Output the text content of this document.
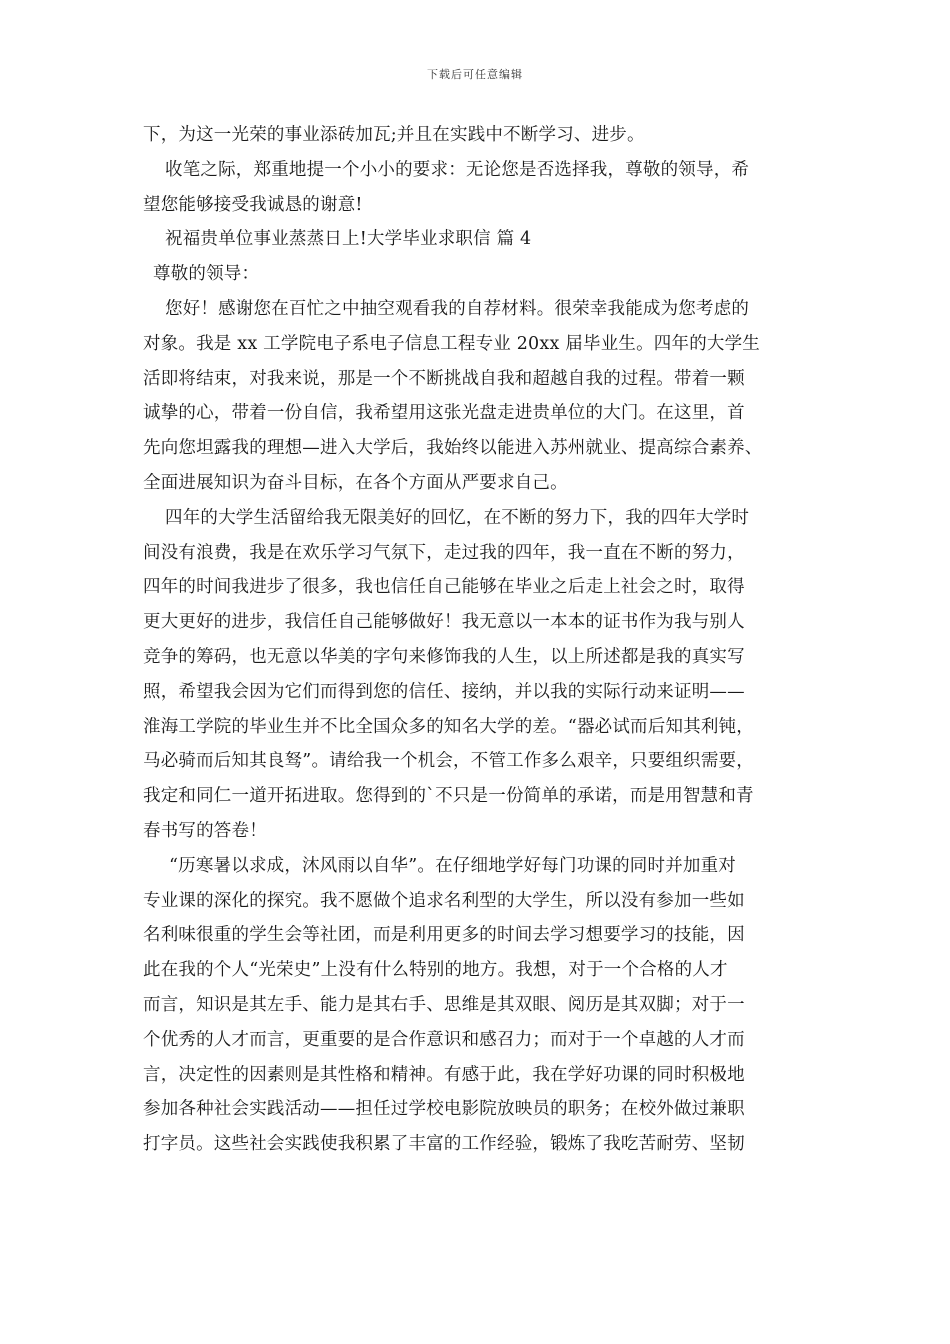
下载后可任意编辑
下，为这一光荣的事业添砖加瓦;并且在实践中不断学习、进步。
收笔之际，郑重地提一个小小的要求：无论您是否选择我，尊敬的领导，希
望您能够接受我诚恳的谢意!
祝福贵单位事业蒸蒸日上!大学毕业求职信 篇 4
尊敬的领导：
您好！感谢您在百忙之中抽空观看我的自荐材料。很荣幸我能成为您考虑的
对象。我是 xx 工学院电子系电子信息工程专业 20xx 届毕业生。四年的大学生
活即将结束，对我来说，那是一个不断挑战自我和超越自我的过程。带着一颗
诚挚的心，带着一份自信，我希望用这张光盘走进贵单位的大门。在这里，首
先向您坦露我的理想—进入大学后，我始终以能进入苏州就业、提高综合素养、
全面进展知识为奋斗目标，在各个方面从严要求自己。
四年的大学生活留给我无限美好的回忆，在不断的努力下，我的四年大学时
间没有浪费，我是在欢乐学习气氛下，走过我的四年，我一直在不断的努力，
四年的时间我进步了很多，我也信任自己能够在毕业之后走上社会之时，取得
更大更好的进步，我信任自己能够做好！我无意以一本本的证书作为我与别人
竞争的筹码，也无意以华美的字句来修饰我的人生，以上所述都是我的真实写
照，希望我会因为它们而得到您的信任、接纳，并以我的实际行动来证明——
淮海工学院的毕业生并不比全国众多的知名大学的差。“器必试而后知其利钝，
马必骑而后知其良驽”。请给我一个机会，不管工作多么艰辛，只要组织需要，
我定和同仁一道开拓进取。您得到的`不只是一份简单的承诺，而是用智慧和青
春书写的答卷！
“历寒暑以求成，沐风雨以自华”。在仔细地学好每门功课的同时并加重对
专业课的深化的探究。我不愿做个追求名利型的大学生，所以没有参加一些如
名利味很重的学生会等社团，而是利用更多的时间去学习想要学习的技能，因
此在我的个人“光荣史”上没有什么特别的地方。我想，对于一个合格的人才
而言，知识是其左手、能力是其右手、思维是其双眼、阅历是其双脚；对于一
个优秀的人才而言，更重要的是合作意识和感召力；而对于一个卓越的人才而
言，决定性的因素则是其性格和精神。有感于此，我在学好功课的同时积极地
参加各种社会实践活动——担任过学校电影院放映员的职务；在校外做过兼职
打字员。这些社会实践使我积累了丰富的工作经验，锻炼了我吃苦耐劳、坚韧
